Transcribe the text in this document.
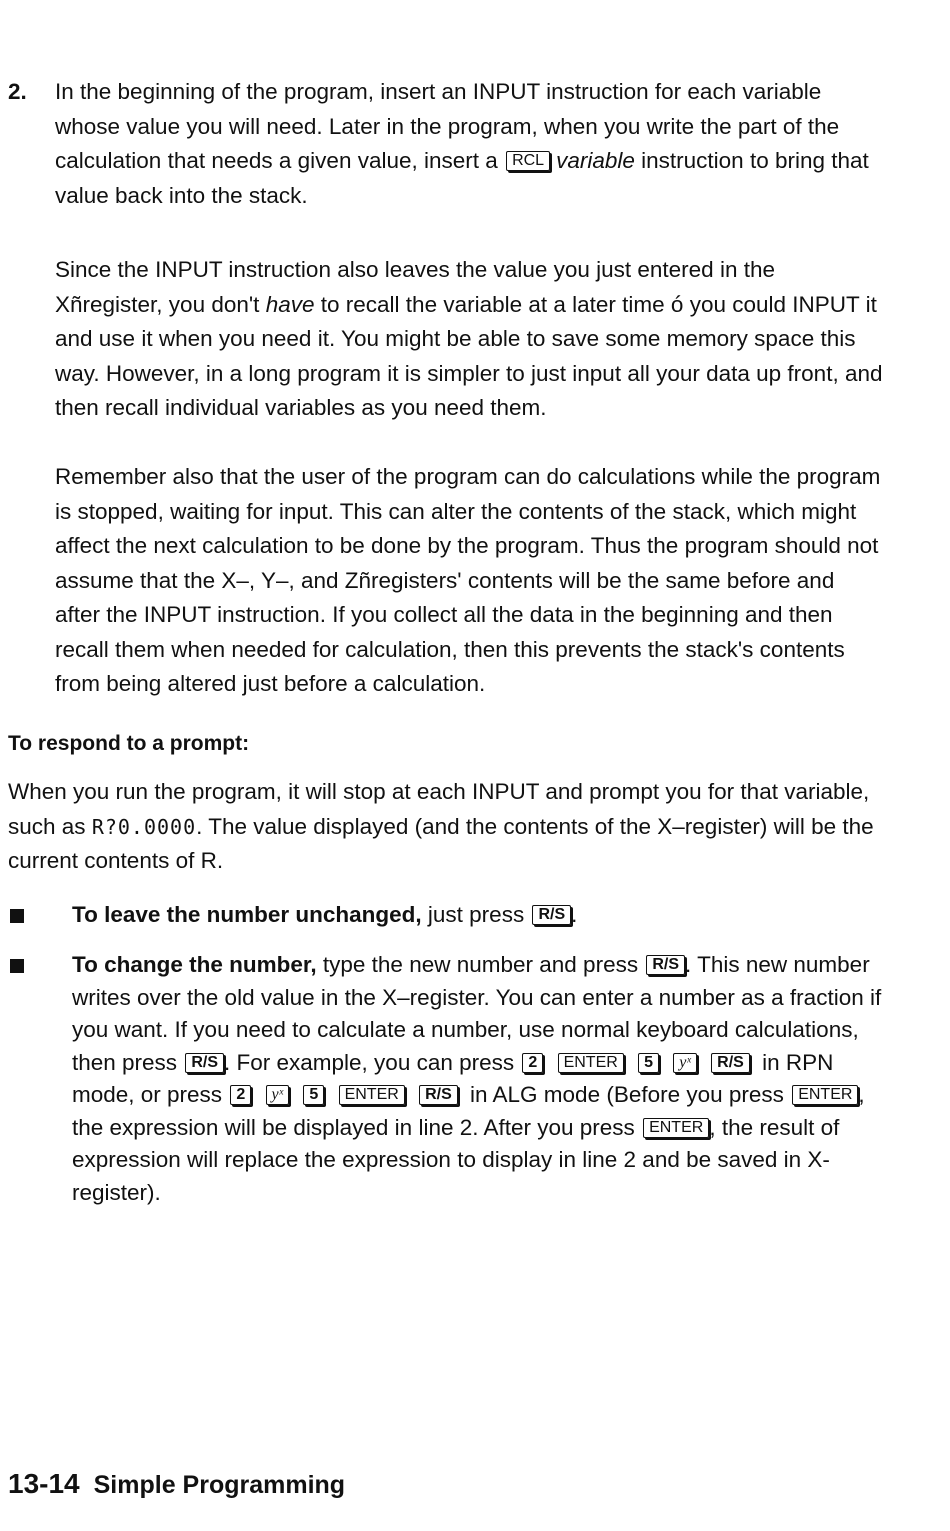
2. In the beginning of the program, insert an INPUT instruction for each variable whose value you will need. Later in the program, when you write the part of the calculation that needs a given value, insert a RCL variable instruction to bring that value back into the stack.

Since the INPUT instruction also leaves the value you just entered in the Xñregister, you don't have to recall the variable at a later time ó you could INPUT it and use it when you need it. You might be able to save some memory space this way. However, in a long program it is simpler to just input all your data up front, and then recall individual variables as you need them.

Remember also that the user of the program can do calculations while the program is stopped, waiting for input. This can alter the contents of the stack, which might affect the next calculation to be done by the program. Thus the program should not assume that the X–, Y–, and Zñregisters' contents will be the same before and after the INPUT instruction. If you collect all the data in the beginning and then recall them when needed for calculation, then this prevents the stack's contents from being altered just before a calculation.

To respond to a prompt:

When you run the program, it will stop at each INPUT and prompt you for that variable, such as R?0.0000. The value displayed (and the contents of the X–register) will be the current contents of R.

To leave the number unchanged, just press R/S .

To change the number, type the new number and press R/S . This new number writes over the old value in the X–register. You can enter a number as a fraction if you want. If you need to calculate a number, use normal keyboard calculations, then press R/S . For example, you can press 2 ENTER 5 yˣ R/S in RPN mode, or press 2 yˣ 5 ENTER R/S in ALG mode (Before you press ENTER , the expression will be displayed in line 2. After you press ENTER , the result of expression will replace the expression to display in line 2 and be saved in X-register).

13-14 Simple Programming
